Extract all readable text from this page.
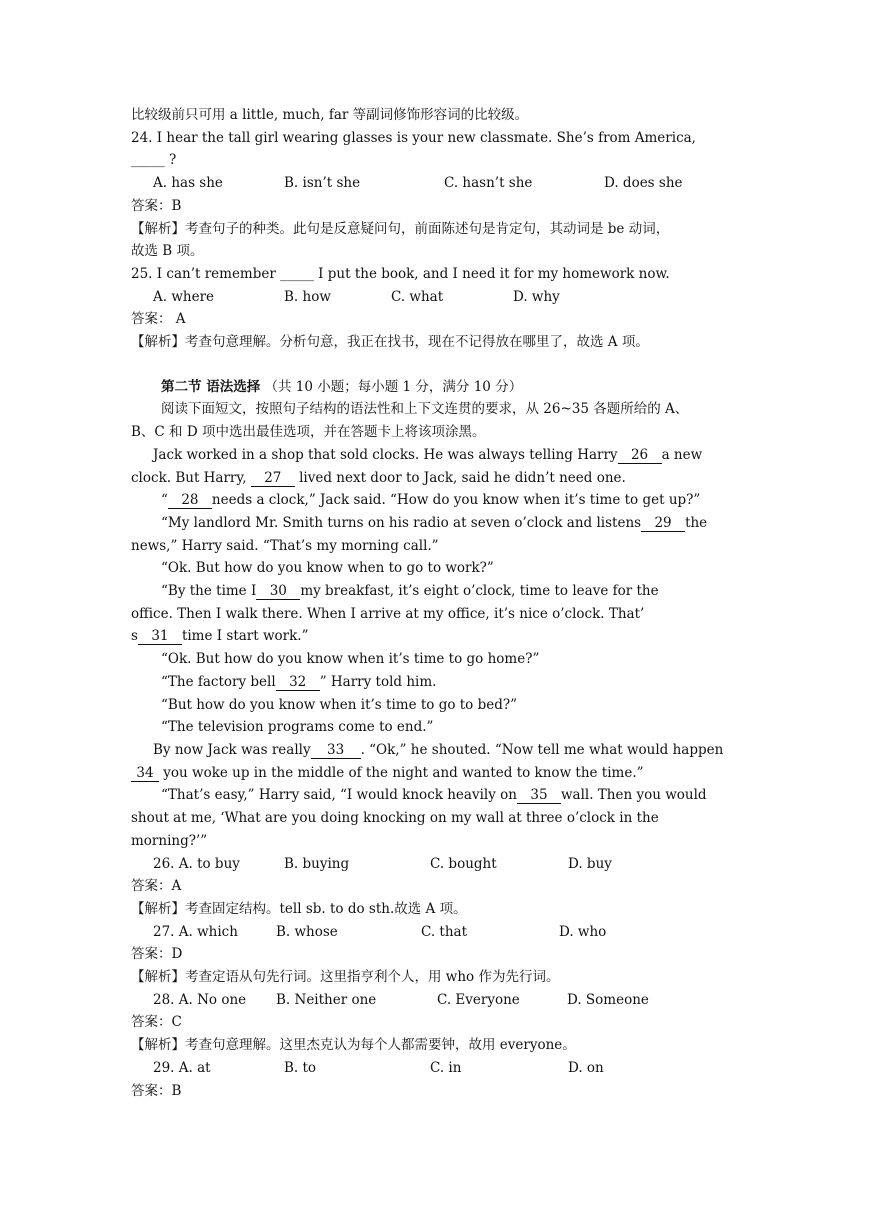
比较级前只可用 a little, much, far 等副词修饰形容词的比较级。
24. I hear the tall girl wearing glasses is your new classmate. She’s from America,
_____ ?
A. has she	B. isn’t she	C. hasn’t she	D. does she
答案：B
【解析】考查句子的种类。此句是反意疑问句，前面陈述句是肯定句，其动词是 be 动词，
故选 B 项。
25. I can’t remember _____ I put the book, and I need it for my homework now.
A. where	B. how	C. what	D. why
答案： A
【解析】考查句意理解。分析句意，我正在找书，现在不记得放在哪里了，故选 A 项。
第二节 语法选择 （共 10 小题；每小题 1 分，满分 10 分）
阅读下面短文，按照句子结构的语法性和上下文连贯的要求，从 26~35 各题所给的 A、
B、C 和 D 项中选出最佳选项，并在答题卡上将该项涂黑。
Jack worked in a shop that sold clocks. He was always telling Harry 26 a new
clock. But Harry, 27 lived next door to Jack, said he didn’t need one.
“ 28 needs a clock,” Jack said. “How do you know when it’s time to get up?”
“My landlord Mr. Smith turns on his radio at seven o’clock and listens 29 the
news,” Harry said. “That’s my morning call.”
“Ok. But how do you know when to go to work?”
“By the time I 30 my breakfast, it’s eight o’clock, time to leave for the
office. Then I walk there. When I arrive at my office, it’s nice o’clock. That’
s 31 time I start work.”
“Ok. But how do you know when it’s time to go home?”
“The factory bell 32 ” Harry told him.
“But how do you know when it’s time to go to bed?”
“The television programs come to end.”
By now Jack was really 33 . “Ok,” he shouted. “Now tell me what would happen
34 you woke up in the middle of the night and wanted to know the time.”
“That’s easy,” Harry said, “I would knock heavily on 35 wall. Then you would
shout at me, ‘What are you doing knocking on my wall at three o’clock in the
morning?’”
26. A. to buy	B. buying	C. bought	D. buy
答案：A
【解析】考查固定结构。tell sb. to do sth.故选 A 项。
27. A. which	B. whose	C. that	D. who
答案：D
【解析】考查定语从句先行词。这里指亨利个人，用 who 作为先行词。
28. A. No one B. Neither one	C. Everyone	D. Someone
答案：C
【解析】考查句意理解。这里杰克认为每个人都需要钟，故用 everyone。
29. A. at	B. to	C. in	D. on
答案：B
